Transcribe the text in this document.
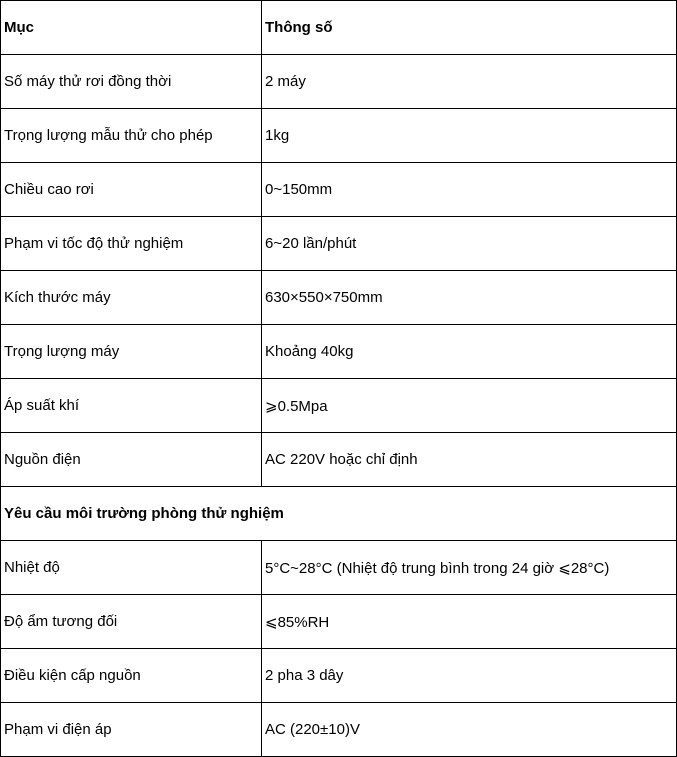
Mục	Thông số
Số máy thử rơi đồng thời	2 máy
Trọng lượng mẫu thử cho phép	1kg
Chiều cao rơi	0~150mm
Phạm vi tốc độ thử nghiệm	6~20 lần/phút
Kích thước máy	630×550×750mm
Trọng lượng máy	Khoảng 40kg
Áp suất khí	⩾0.5Mpa
Nguồn điện	AC 220V hoặc chỉ định
Yêu cầu môi trường phòng thử nghiệm	
Nhiệt độ	5°C~28°C (Nhiệt độ trung bình trong 24 giờ ⩽28°C)
Độ ẩm tương đối	⩽85%RH
Điều kiện cấp nguồn	2 pha 3 dây
Phạm vi điện áp	AC (220±10)V
